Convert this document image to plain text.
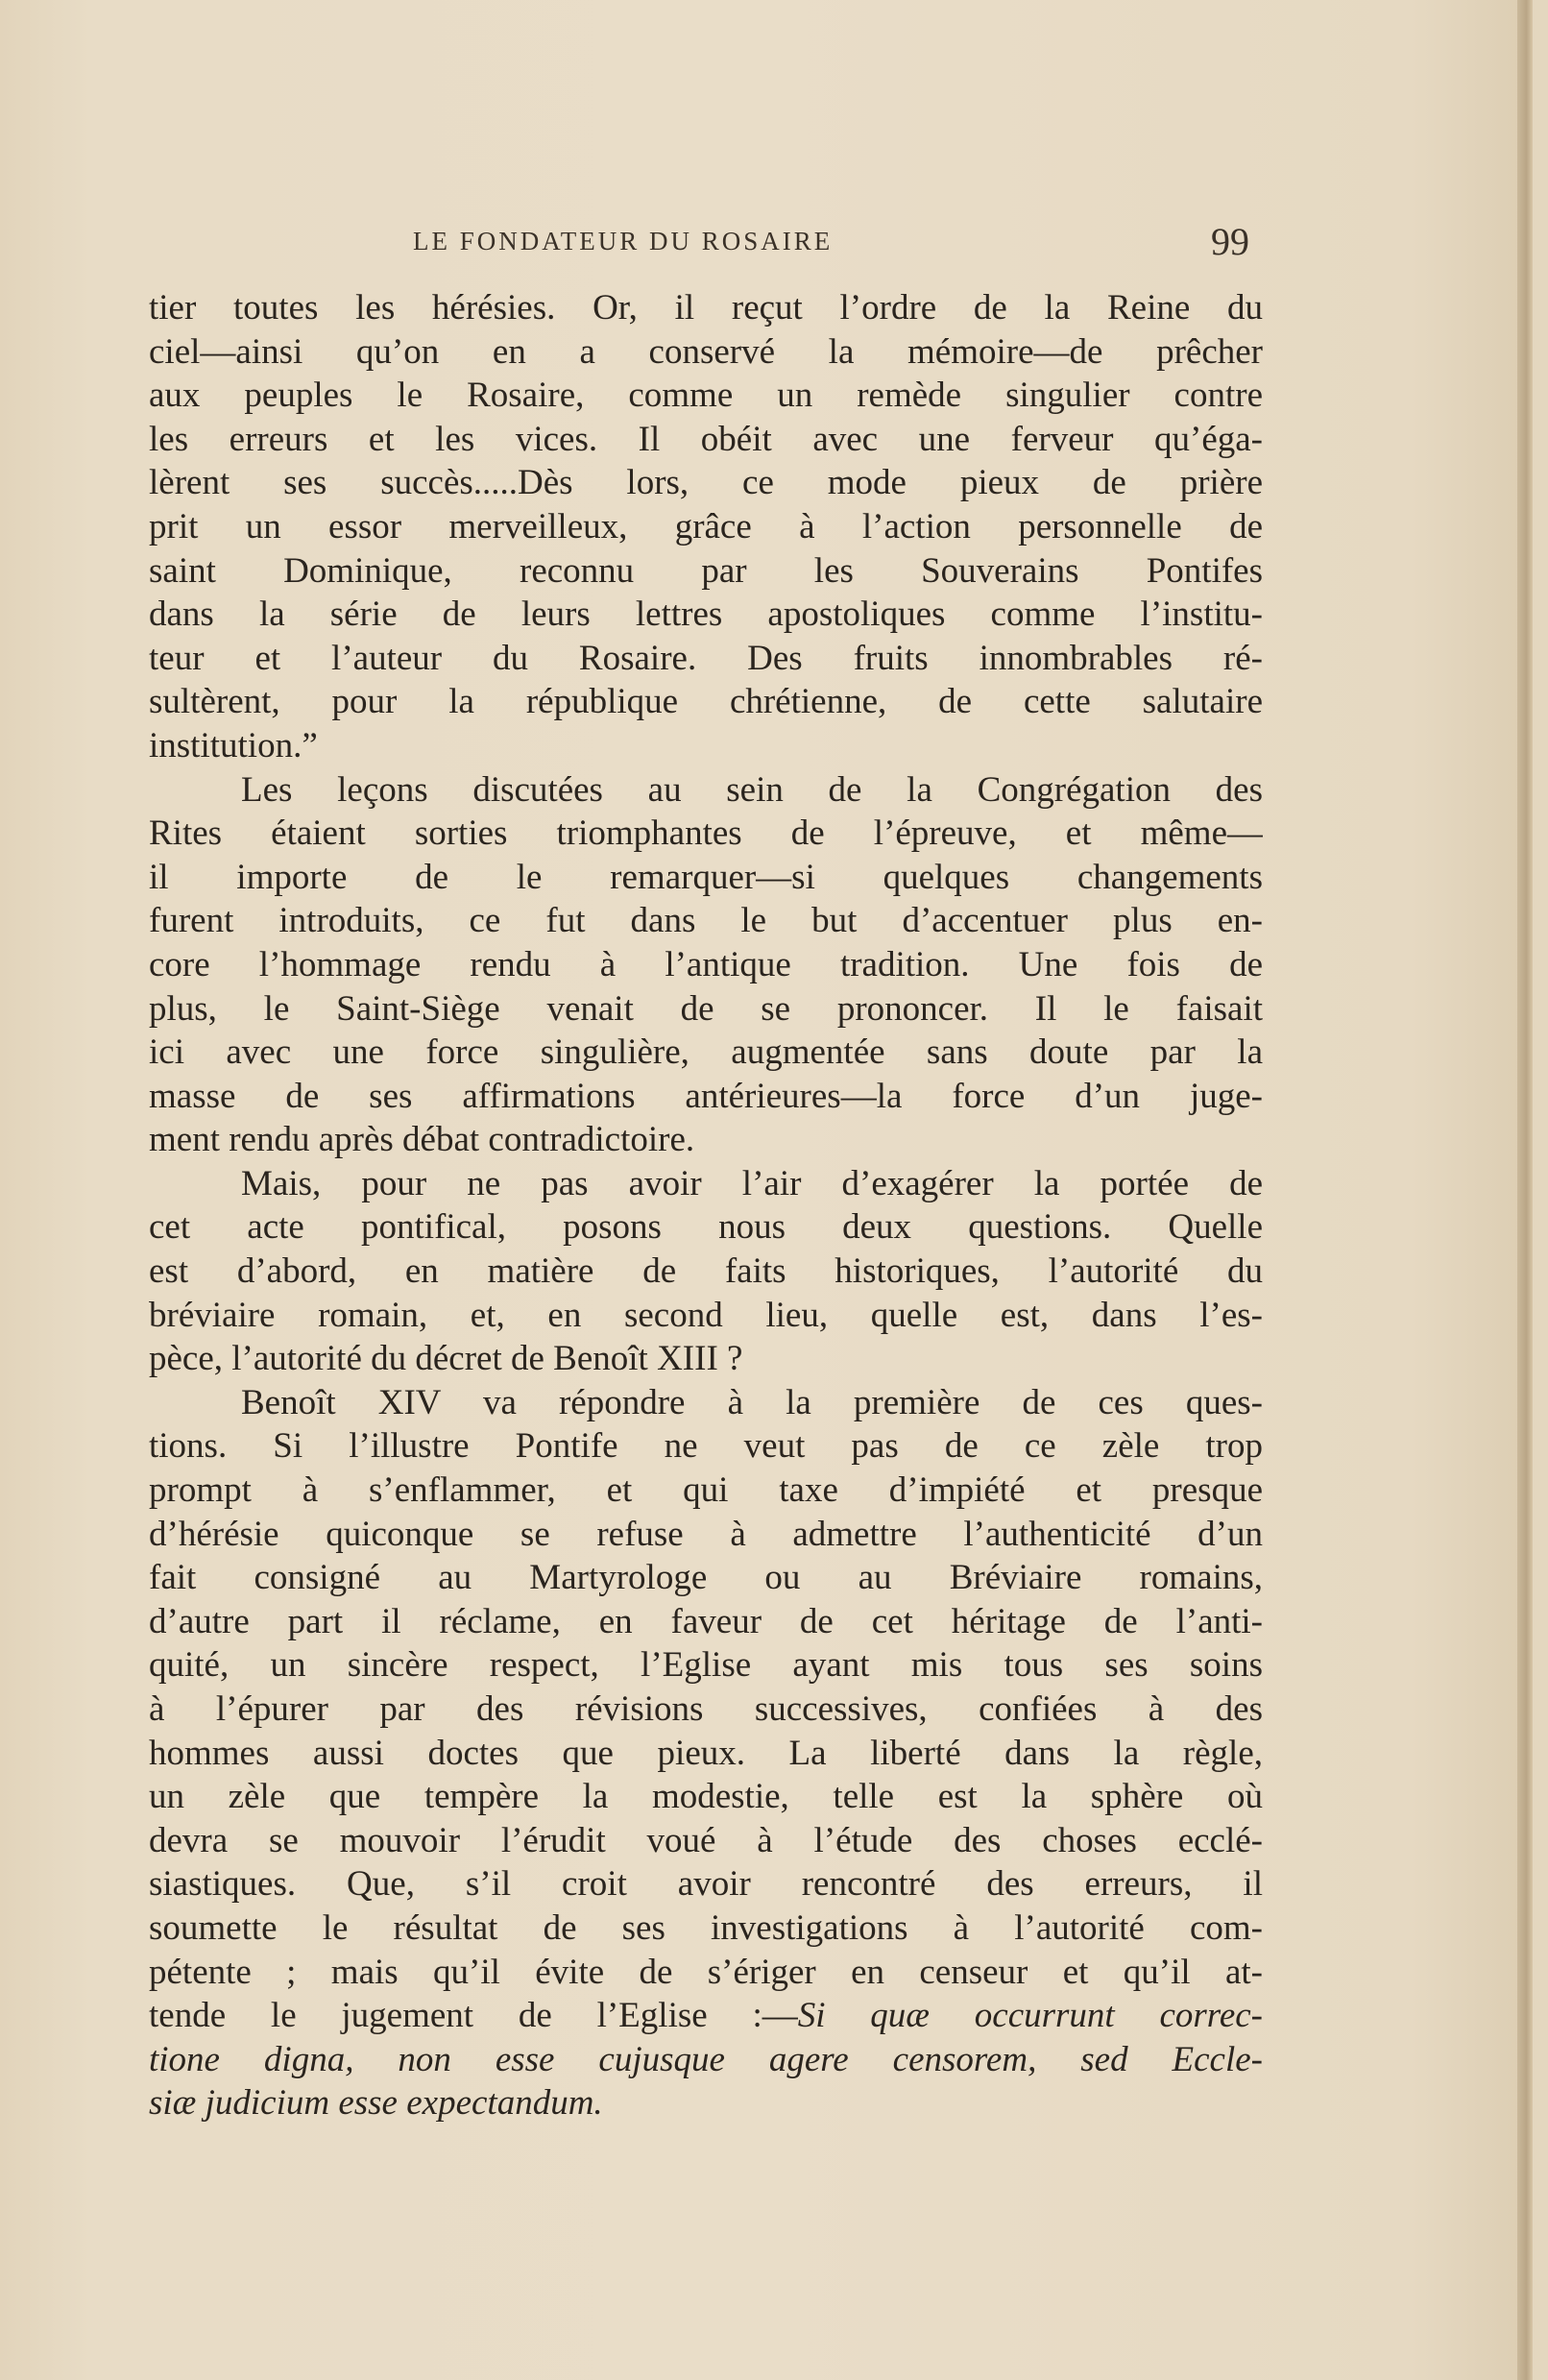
LE FONDATEUR DU ROSAIRE	99
tier toutes les hérésies. Or, il reçut l’ordre de la Reine du
ciel—ainsi qu’on en a conservé la mémoire—de prêcher
aux peuples le Rosaire, comme un remède singulier contre
les erreurs et les vices. Il obéit avec une ferveur qu’éga-
lèrent ses succès.....Dès lors, ce mode pieux de prière
prit un essor merveilleux, grâce à l’action personnelle de
saint Dominique, reconnu par les Souverains Pontifes
dans la série de leurs lettres apostoliques comme l’institu-
teur et l’auteur du Rosaire. Des fruits innombrables ré-
sultèrent, pour la république chrétienne, de cette salutaire
institution.”
Les leçons discutées au sein de la Congrégation des
Rites étaient sorties triomphantes de l’épreuve, et même—
il importe de le remarquer—si quelques changements
furent introduits, ce fut dans le but d’accentuer plus en-
core l’hommage rendu à l’antique tradition. Une fois de
plus, le Saint-Siège venait de se prononcer. Il le faisait
ici avec une force singulière, augmentée sans doute par la
masse de ses affirmations antérieures—la force d’un juge-
ment rendu après débat contradictoire.
Mais, pour ne pas avoir l’air d’exagérer la portée de
cet acte pontifical, posons nous deux questions. Quelle
est d’abord, en matière de faits historiques, l’autorité du
bréviaire romain, et, en second lieu, quelle est, dans l’es-
pèce, l’autorité du décret de Benoît XIII ?
Benoît XIV va répondre à la première de ces ques-
tions. Si l’illustre Pontife ne veut pas de ce zèle trop
prompt à s’enflammer, et qui taxe d’impiété et presque
d’hérésie quiconque se refuse à admettre l’authenticité d’un
fait consigné au Martyrologe ou au Bréviaire romains,
d’autre part il réclame, en faveur de cet héritage de l’anti-
quité, un sincère respect, l’Eglise ayant mis tous ses soins
à l’épurer par des révisions successives, confiées à des
hommes aussi doctes que pieux. La liberté dans la règle,
un zèle que tempère la modestie, telle est la sphère où
devra se mouvoir l’érudit voué à l’étude des choses ecclé-
siastiques. Que, s’il croit avoir rencontré des erreurs, il
soumette le résultat de ses investigations à l’autorité com-
pétente ; mais qu’il évite de s’ériger en censeur et qu’il at-
tende le jugement de l’Eglise :—Si quæ occurrunt correc-
tione digna, non esse cujusque agere censorem, sed Eccle-
siæ judicium esse expectandum.
